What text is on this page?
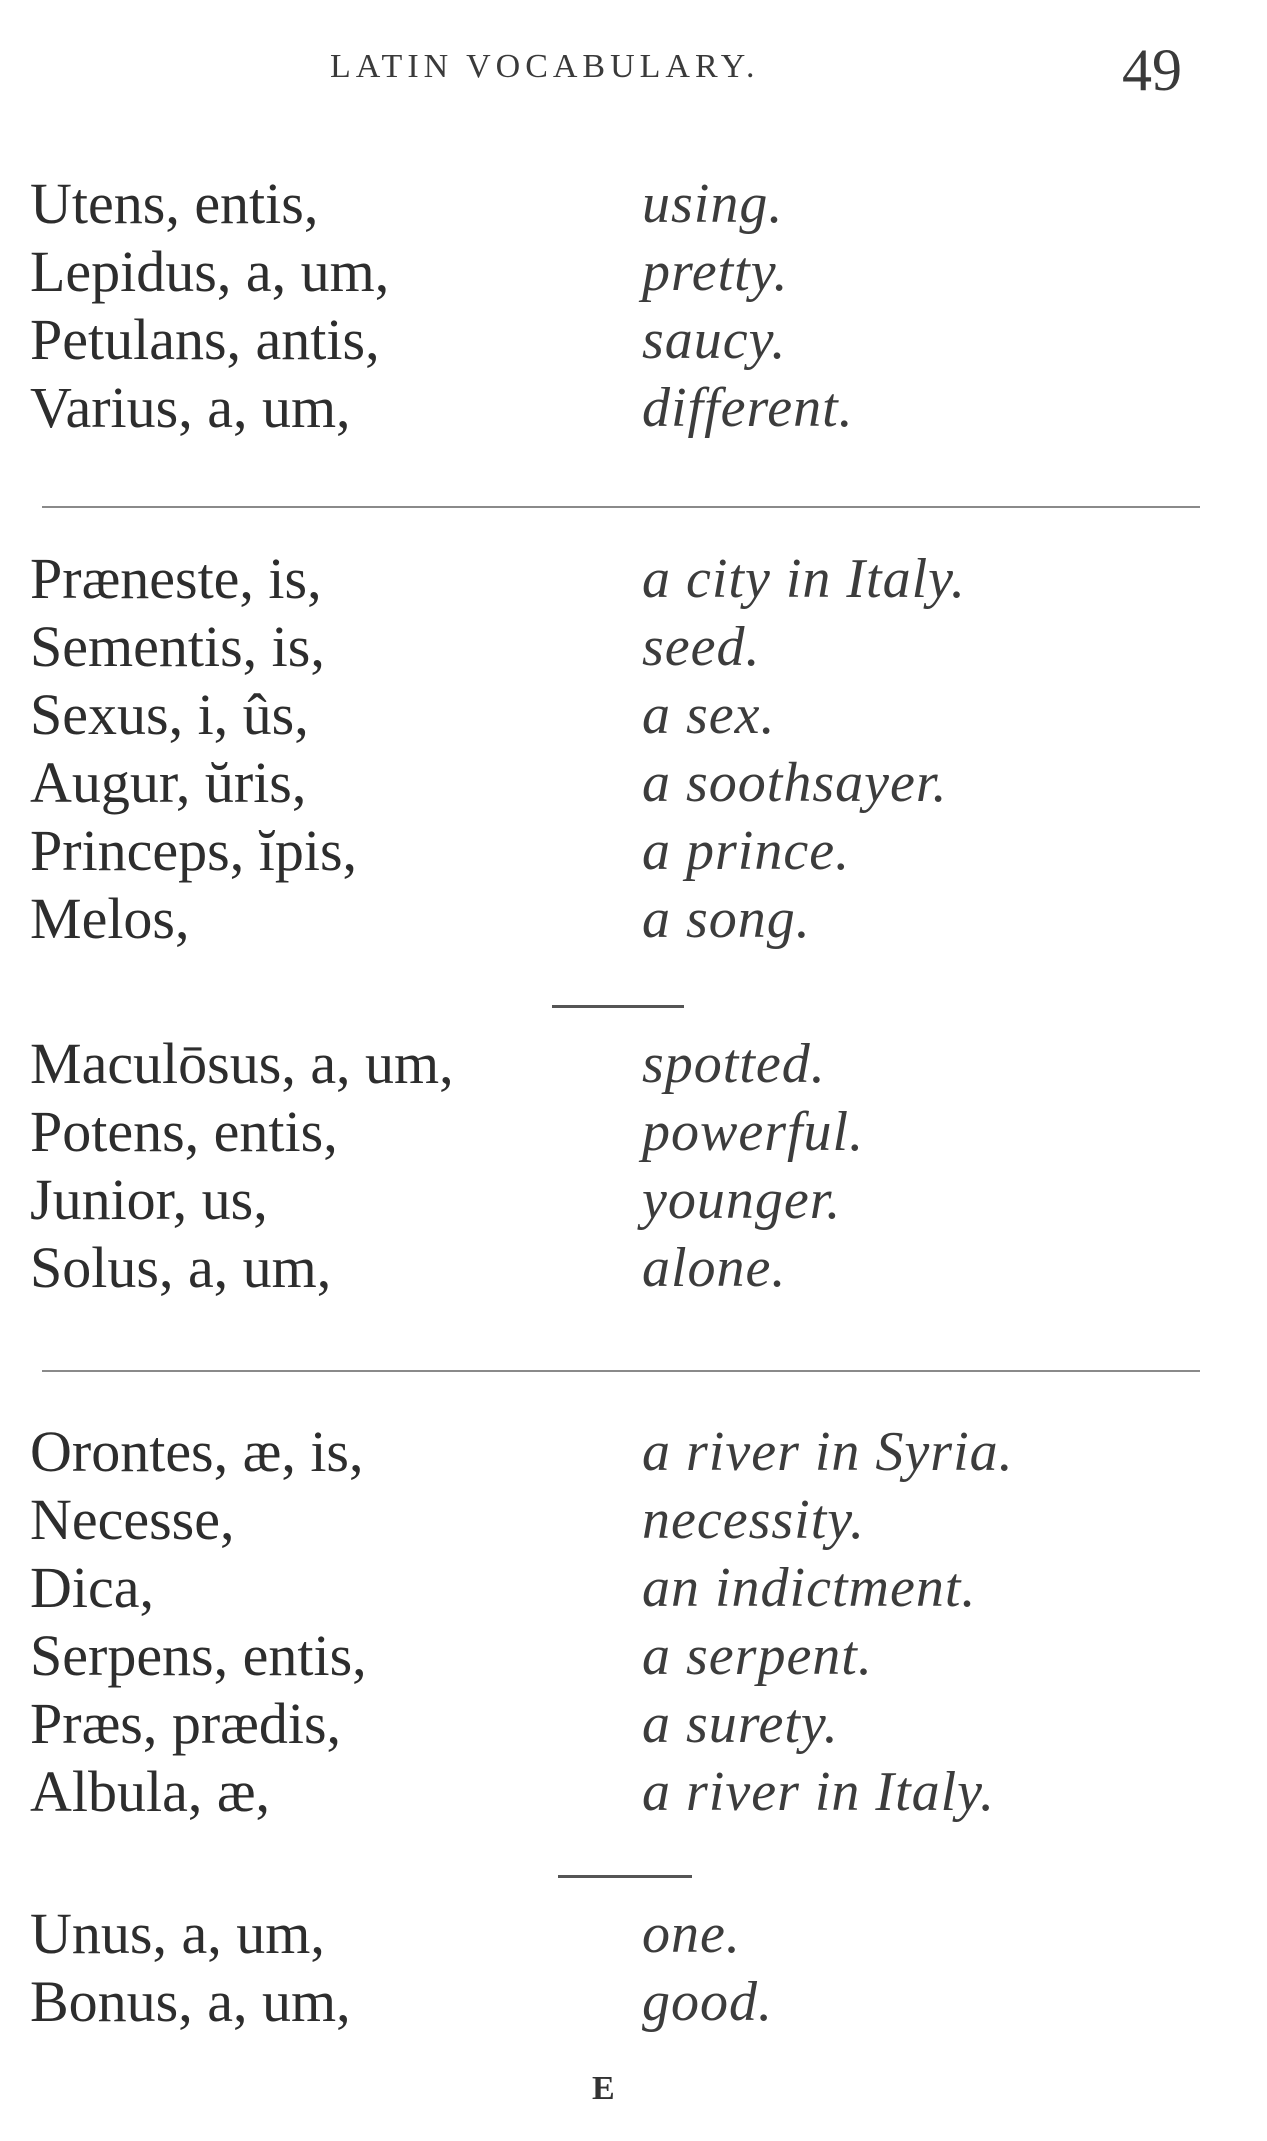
LATIN VOCABULARY.	49
Utens, entis,	using.
Lepidus, a, um,	pretty.
Petulans, antis,	saucy.
Varius, a, um,	different.
Præneste, is,	a city in Italy.
Sementis, is,	seed.
Sexus, i, ûs,	a sex.
Augur, ŭris,	a soothsayer.
Princeps, ĭpis,	a prince.
Melos,	a song.
Maculōsus, a, um,	spotted.
Potens, entis,	powerful.
Junior, us,	younger.
Solus, a, um,	alone.
Orontes, æ, is,	a river in Syria.
Necesse,	necessity.
Dica,	an indictment.
Serpens, entis,	a serpent.
Præs, prædis,	a surety.
Albula, æ,	a river in Italy.
Unus, a, um,	one.
Bonus, a, um,	good.
E
